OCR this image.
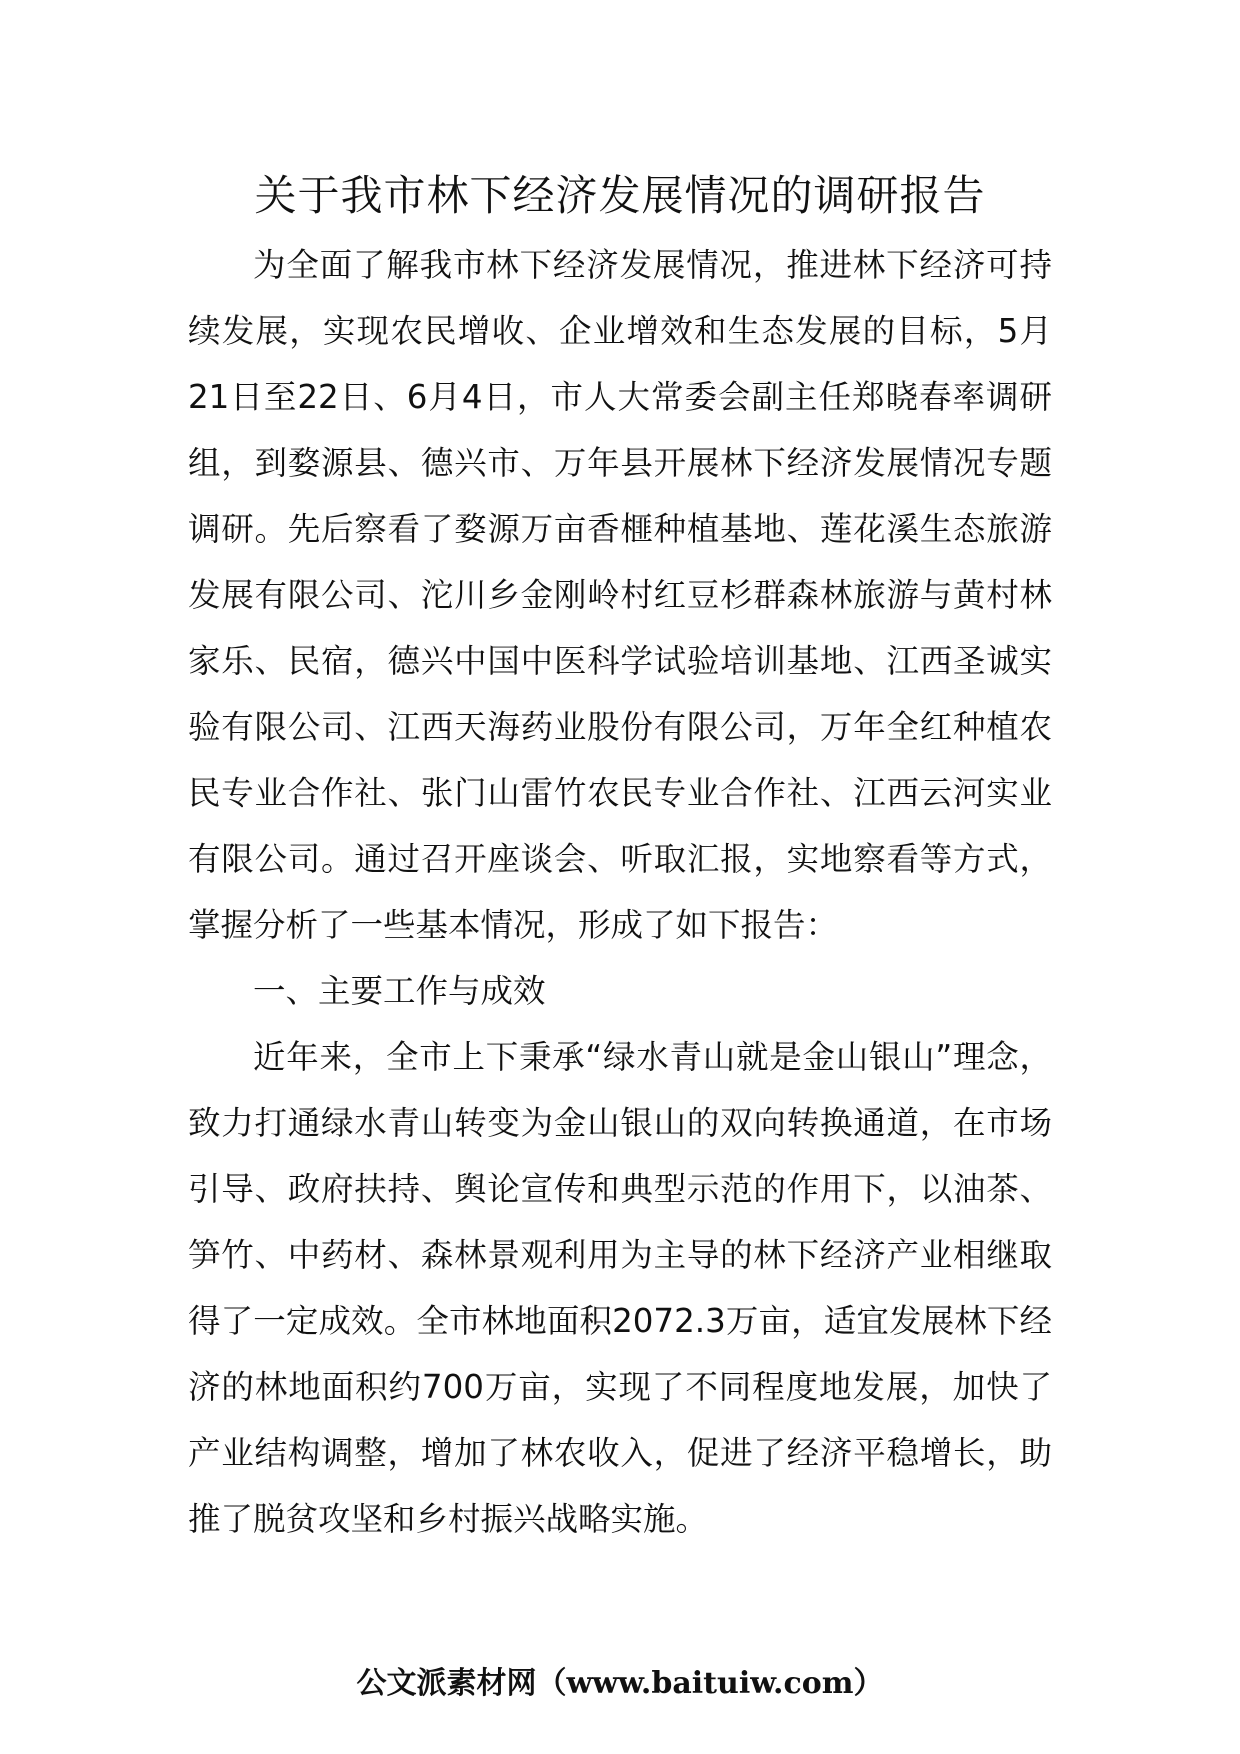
关于我市林下经济发展情况的调研报告

为全面了解我市林下经济发展情况，推进林下经济可持续发展，实现农民增收、企业增效和生态发展的目标，5月21日至22日、6月4日，市人大常委会副主任郑晓春率调研组，到婺源县、德兴市、万年县开展林下经济发展情况专题调研。先后察看了婺源万亩香榧种植基地、莲花溪生态旅游发展有限公司、沱川乡金刚岭村红豆杉群森林旅游与黄村林家乐、民宿，德兴中国中医科学试验培训基地、江西圣诚实验有限公司、江西天海药业股份有限公司，万年全红种植农民专业合作社、张门山雷竹农民专业合作社、江西云河实业有限公司。通过召开座谈会、听取汇报，实地察看等方式，掌握分析了一些基本情况，形成了如下报告：

一、主要工作与成效

近年来，全市上下秉承“绿水青山就是金山银山”理念，致力打通绿水青山转变为金山银山的双向转换通道，在市场引导、政府扶持、舆论宣传和典型示范的作用下，以油茶、笋竹、中药材、森林景观利用为主导的林下经济产业相继取得了一定成效。全市林地面积2072.3万亩，适宜发展林下经济的林地面积约700万亩，实现了不同程度地发展，加快了产业结构调整，增加了林农收入，促进了经济平稳增长，助推了脱贫攻坚和乡村振兴战略实施。

公文派素材网（www.baituiw.com）
